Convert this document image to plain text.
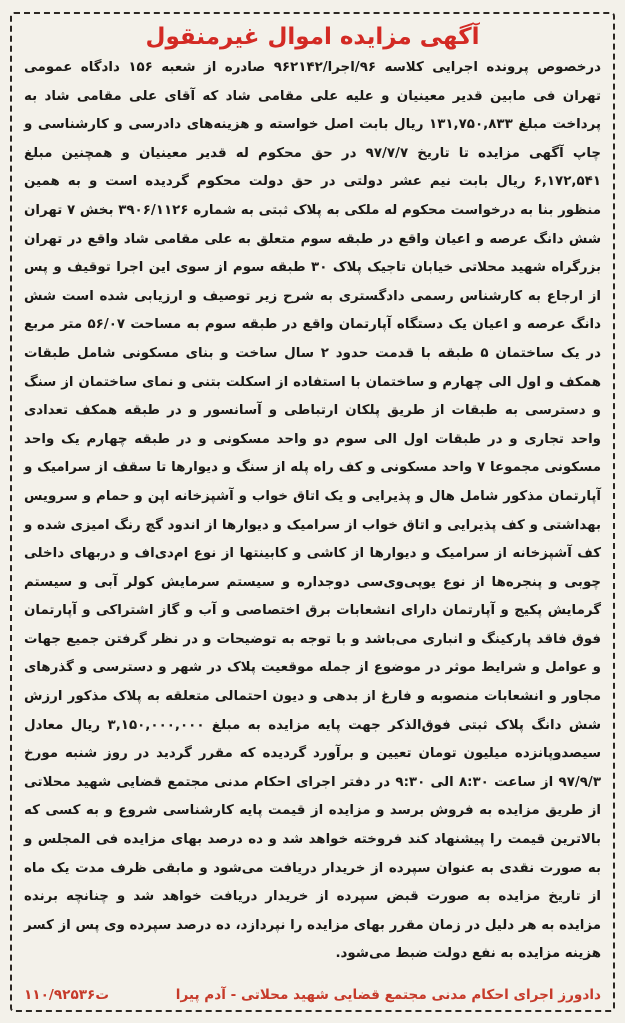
آگهی مزایده اموال غیرمنقول

درخصوص پرونده اجرایی کلاسه ۹۶/اجرا/۹۶۲۱۴۲ صادره از شعبه ۱۵۶ دادگاه عمومی تهران فی مابین قدیر معینیان و علیه علی مقامی شاد که آقای علی مقامی شاد به پرداخت مبلغ ۱۳۱,۷۵۰,۸۳۳ ریال بابت اصل خواسته و هزینه‌های دادرسی و کارشناسی و چاپ آگهی مزایده تا تاریخ ۹۷/۷/۷ در حق محکوم له قدیر معینیان و همچنین مبلغ ۶,۱۷۲,۵۴۱ ریال بابت نیم عشر دولتی در حق دولت محکوم گردیده است و به همین منظور بنا به درخواست محکوم له ملکی به پلاک ثبتی به شماره ۳۹۰۶/۱۱۲۶ بخش ۷ تهران شش دانگ عرصه و اعیان واقع در طبقه سوم متعلق به علی مقامی شاد واقع در تهران بزرگراه شهید محلاتی خیابان تاجیک پلاک ۳۰ طبقه سوم از سوی این اجرا توقیف و پس از ارجاع به کارشناس رسمی دادگستری به شرح زیر توصیف و ارزیابی شده است شش دانگ عرصه و اعیان یک دستگاه آپارتمان واقع در طبقه سوم به مساحت ۵۶/۰۷ متر مربع در یک ساختمان ۵ طبقه با قدمت حدود ۲ سال ساخت و بنای مسکونی شامل طبقات همکف و اول الی چهارم و ساختمان با استفاده از اسکلت بتنی و نمای ساختمان از سنگ و دسترسی به طبقات از طریق پلکان ارتباطی و آسانسور و در طبقه همکف تعدادی واحد تجاری و در طبقات اول الی سوم دو واحد مسکونی و در طبقه چهارم یک واحد مسکونی مجموعا ۷ واحد مسکونی و کف راه پله از سنگ و دیوارها تا سقف از سرامیک و آپارتمان مذکور شامل هال و پذیرایی و یک اتاق خواب و آشپزخانه اپن و حمام و سرویس بهداشتی و کف پذیرایی و اتاق خواب از سرامیک و دیوارها از اندود گچ رنگ امیزی شده و کف آشپزخانه از سرامیک و دیوارها از کاشی و کابینتها از نوع ام‌دی‌اف و دربهای داخلی چوبی و پنجره‌ها از نوع یوپی‌وی‌سی دوجداره و سیستم سرمایش کولر آبی و سیستم گرمایش پکیج و آپارتمان دارای انشعابات برق اختصاصی و آب و گاز اشتراکی و آپارتمان فوق فاقد پارکینگ و انباری می‌باشد و با توجه به توضیحات و در نظر گرفتن جمیع جهات و عوامل و شرایط موثر در موضوع از جمله موقعیت پلاک در شهر و دسترسی و گذرهای مجاور و انشعابات منصوبه و فارغ از بدهی و دیون احتمالی متعلقه به پلاک مذکور ارزش شش دانگ پلاک ثبتی فوق‌الذکر جهت پایه مزایده به مبلغ ۳,۱۵۰,۰۰۰,۰۰۰ ریال معادل سیصدوپانزده میلیون تومان تعیین و برآورد گردیده که مقرر گردید در روز شنبه مورخ ۹۷/۹/۳ از ساعت ۸:۳۰ الی ۹:۳۰ در دفتر اجرای احکام مدنی مجتمع قضایی شهید محلاتی از طریق مزایده به فروش برسد و مزایده از قیمت پایه کارشناسی شروع و به کسی که بالاترین قیمت را پیشنهاد کند فروخته خواهد شد و ده درصد بهای مزایده فی المجلس و به صورت نقدی به عنوان سپرده از خریدار دریافت می‌شود و مابقی ظرف مدت یک ماه از تاریخ مزایده به صورت قبض سپرده از خریدار دریافت خواهد شد و چنانچه برنده مزایده به هر دلیل در زمان مقرر بهای مزایده را نپردازد، ده درصد سپرده وی پس از کسر هزینه مزایده به نفع دولت ضبط می‌شود.

دادورز اجرای احکام مدنی مجتمع قضایی شهید محلاتی - آدم پیرا
۱۱۰/۹۲۵۳۶ت
